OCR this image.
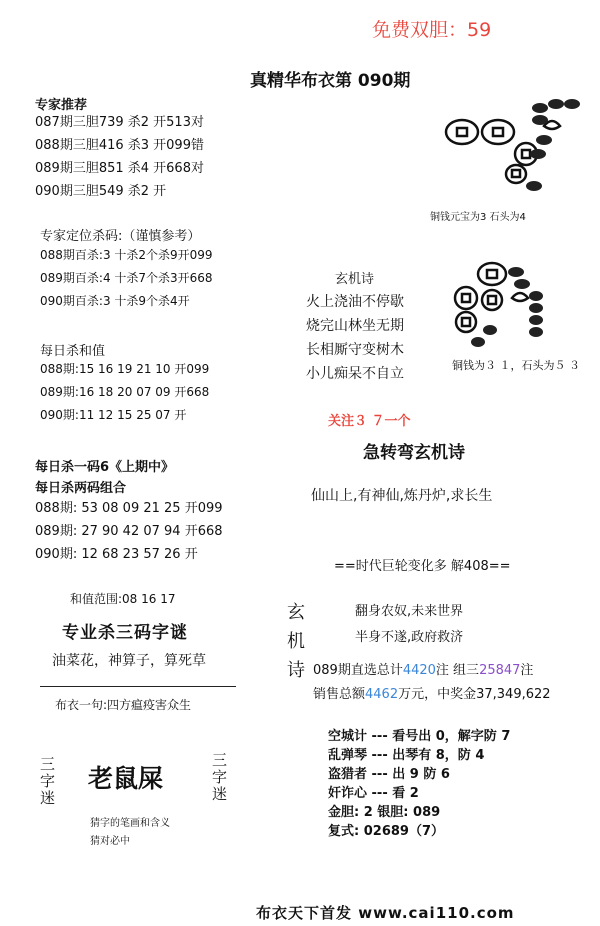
免费双胆：59
真精华布衣第 090期
专家推荐
087期三胆739 杀2 开513对
088期三胆416 杀3 开099错
089期三胆851 杀4 开668对
090期三胆549 杀2 开
专家定位杀码:（谨慎参考）
088期百杀:3 十杀2个杀9开099
089期百杀:4 十杀7个杀3开668
090期百杀:3 十杀9个杀4开
每日杀和值
088期:15 16 19 21 10 开099
089期:16 18 20 07 09 开668
090期:11 12 15 25 07 开
每日杀一码6《上期中》
每日杀两码组合
088期: 53 08 09 21 25 开099
089期: 27 90 42 07 94 开668
090期: 12 68 23 57 26 开
和值范围:08 16 17
专业杀三码字谜
油菜花，神算子，算死草
布衣一句:四方瘟疫害众生
三字迷
老鼠屎
三字迷
猜字的笔画和含义
猜对必中
铜钱元宝为3 石头为4
铜钱为３ １，石头为５ ３
玄机诗
火上浇油不停歇
烧完山林坐无期
长相厮守变树木
小儿痴呆不自立
关注３ ７一个
急转弯玄机诗
仙山上,有神仙,炼丹炉,求长生
==时代巨轮变化多 解408==
玄
机
诗
翻身农奴,未来世界
半身不遂,政府救济
089期直选总计4420注 组三25847注
销售总额4462万元，中奖金37,349,622
空城计 --- 看号出 0，解字防 7
乱弹琴 --- 出琴有 8，防 4
盗猎者 --- 出 9 防 6
奸诈心 --- 看 2
金胆: 2 银胆: 089
复式: 02689（7）
布衣天下首发 www.cai110.com
